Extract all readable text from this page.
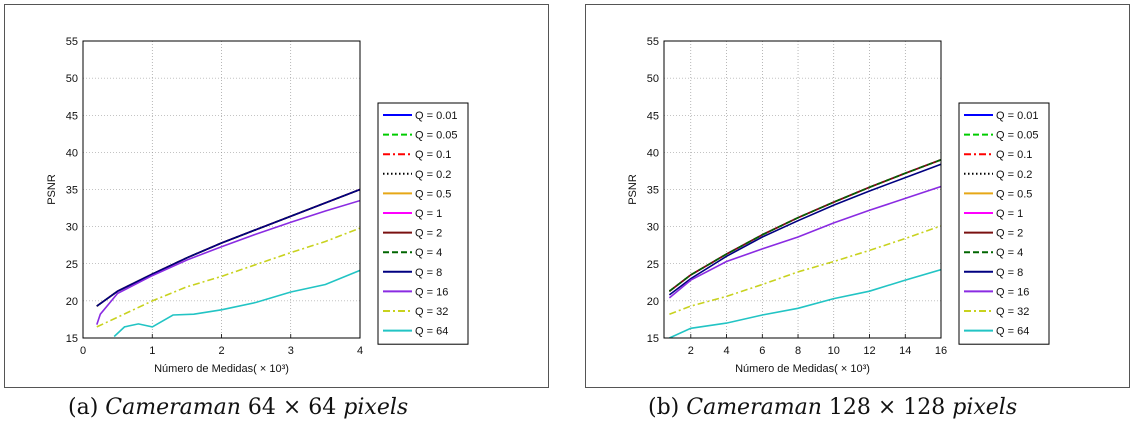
15
20
25
30
35
40
45
50
55
0	1	2	3	4
PSNR
Número de Medidas( × 10³)
Q = 0.01
Q = 0.05
Q = 0.1
Q = 0.2
Q = 0.5
Q = 1
Q = 2
Q = 4
Q = 8
Q = 16
Q = 32
Q = 64
15
20
25
30
35
40
45
50
55
2	4	6	8 10 12 14 16
PSNR
Número de Medidas( × 10³)
Q = 0.01
Q = 0.05
Q = 0.1
Q = 0.2
Q = 0.5
Q = 1
Q = 2
Q = 4
Q = 8
Q = 16
Q = 32
Q = 64
(a) Cameraman 64 × 64 pixels	(b) Cameraman 128 × 128 pixels
